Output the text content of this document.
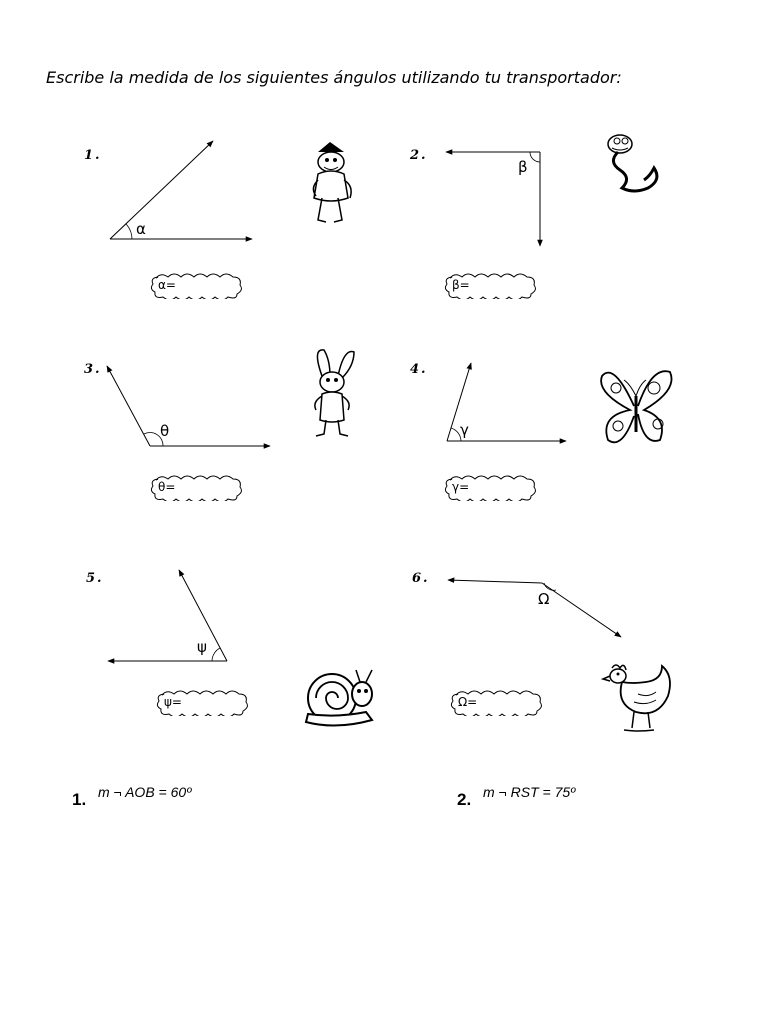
Escribe la medida de los siguientes ángulos utilizando tu transportador:
1.
α
α=
2.
β
β=
3.
θ
θ=
4.
γ
γ=
5.
ψ
ψ=
6.
Ω
Ω=
1. m ¬ AOB = 60º	2. m ¬ RST = 75º
